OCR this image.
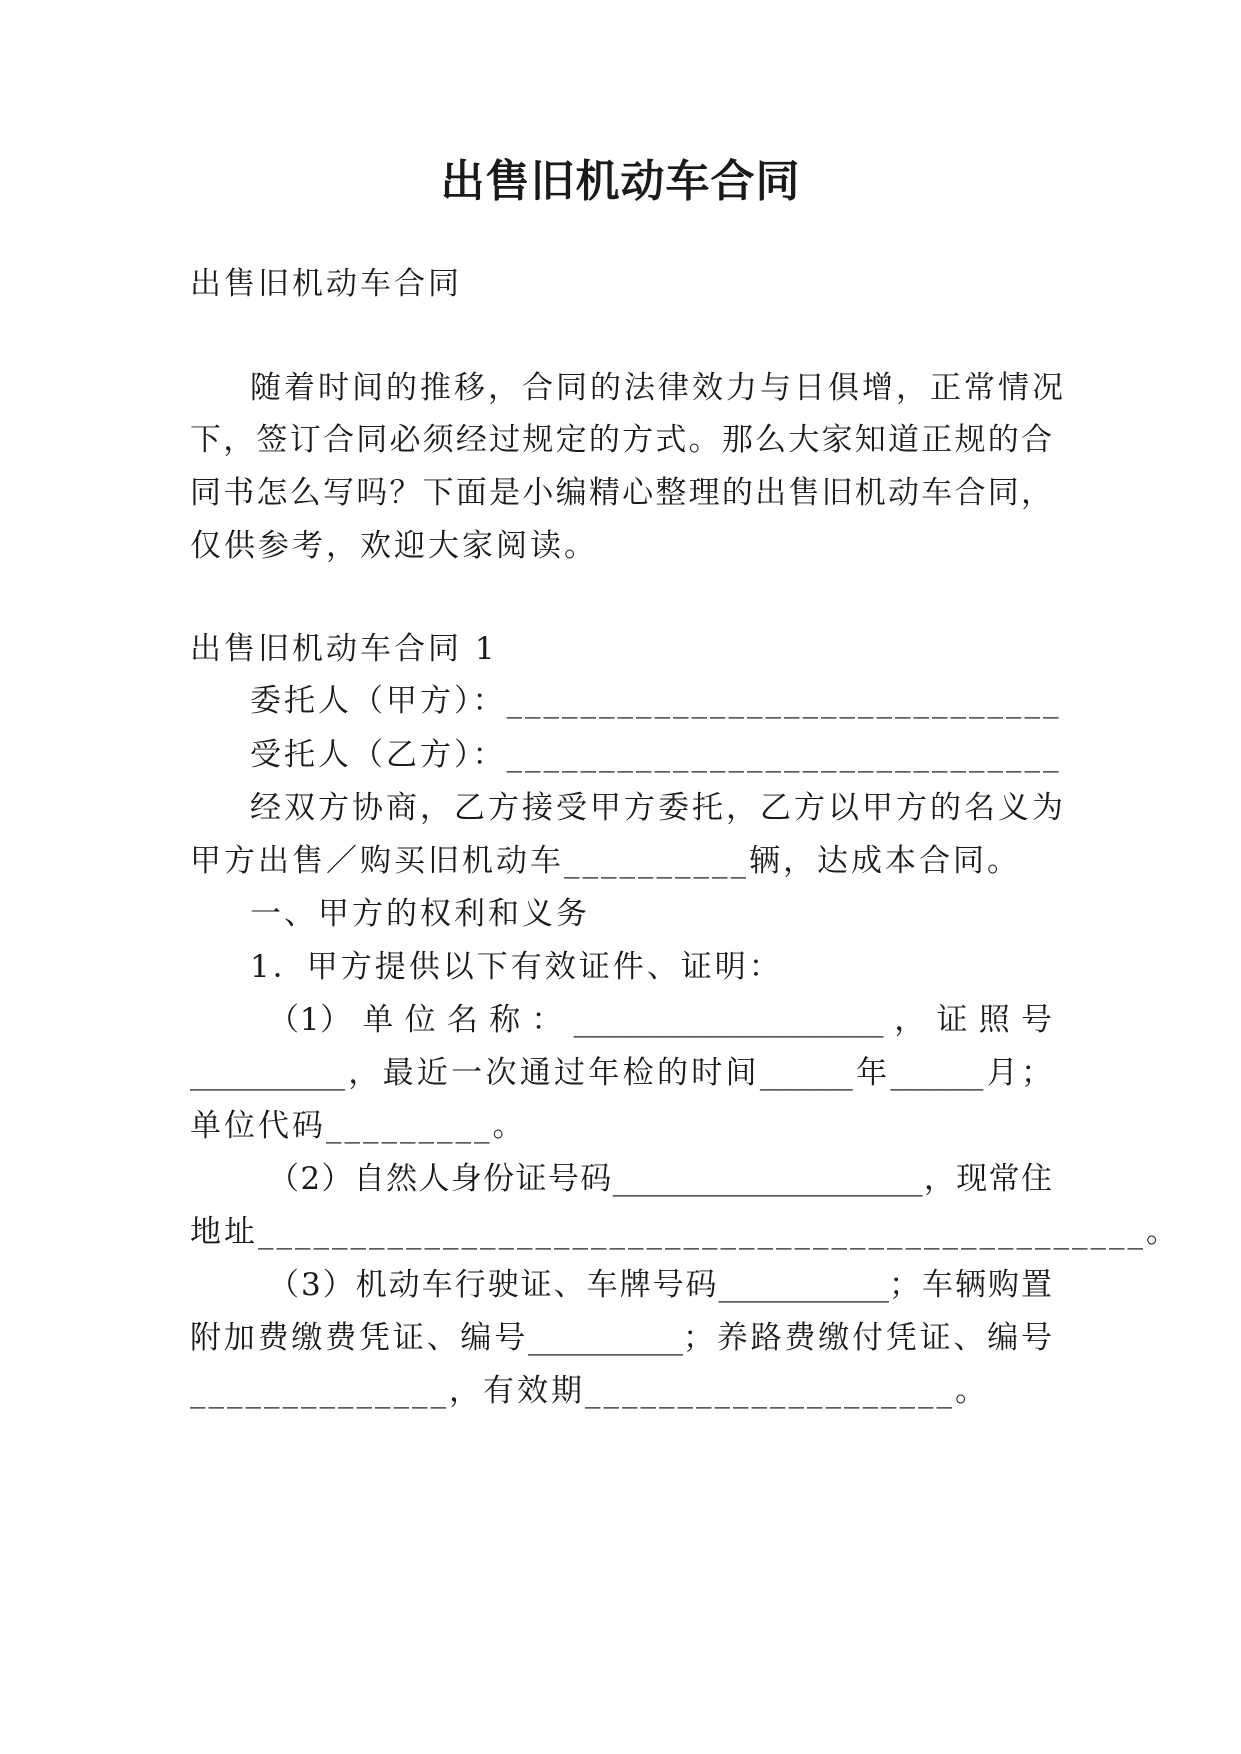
出售旧机动车合同
出售旧机动车合同
随着时间的推移，合同的法律效力与日俱增，正常情况
下，签订合同必须经过规定的方式。那么大家知道正规的合
同书怎么写吗？下面是小编精心整理的出售旧机动车合同，
仅供参考，欢迎大家阅读。
出售旧机动车合同 1
委托人（甲方）：______________________________
受托人（乙方）：______________________________
经双方协商，乙方接受甲方委托，乙方以甲方的名义为
甲方出售／购买旧机动车__________辆，达成本合同。
一、甲方的权利和义务
1．甲方提供以下有效证件、证明：
（1） 单 位 名 称 ： ____________________ ， 证 照 号
__________，最近一次通过年检的时间______年______月；
单位代码_________。
（2）自然人身份证号码____________________，现常住
地址________________________________________________。
（3）机动车行驶证、车牌号码___________；车辆购置
附加费缴费凭证、编号__________；养路费缴付凭证、编号
______________，有效期____________________。
